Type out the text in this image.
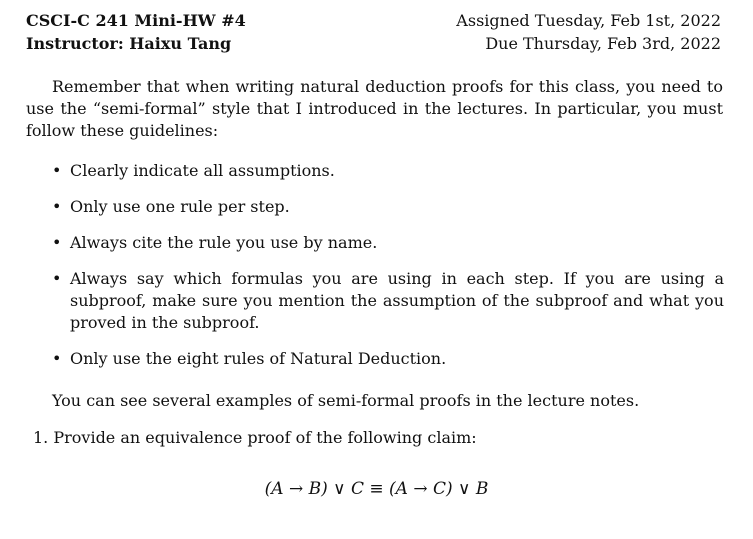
CSCI-C 241 Mini-HW #4
Instructor: Haixu Tang
Assigned Tuesday, Feb 1st, 2022
Due Thursday, Feb 3rd, 2022
Remember that when writing natural deduction proofs for this class, you need to use the “semi-formal” style that I introduced in the lectures. In particular, you must follow these guidelines:
• Clearly indicate all assumptions.
• Only use one rule per step.
• Always cite the rule you use by name.
• Always say which formulas you are using in each step. If you are using a subproof, make sure you mention the assumption of the subproof and what you proved in the subproof.
• Only use the eight rules of Natural Deduction.
You can see several examples of semi-formal proofs in the lecture notes.
1. Provide an equivalence proof of the following claim:
(A → B) ∨ C ≡ (A → C) ∨ B
